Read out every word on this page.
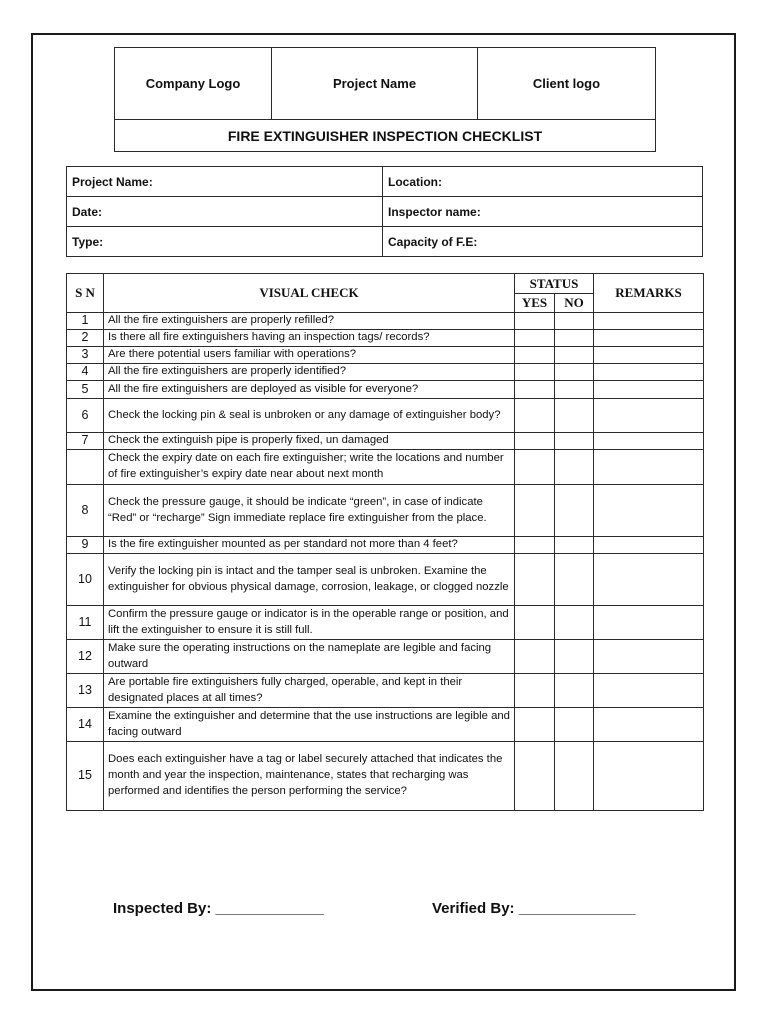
Company Logo	Project Name	Client logo
FIRE EXTINGUISHER INSPECTION CHECKLIST
Project Name:	Location:
Date:	Inspector name:
Type:	Capacity of F.E:
S N	VISUAL CHECK	STATUS		REMARKS
		YES	NO	
1	All the fire extinguishers are properly refilled?			
2	Is there all fire extinguishers having an inspection tags/ records?			
3	Are there potential users familiar with operations?			
4	All the fire extinguishers are properly identified?			
5	All the fire extinguishers are deployed as visible for everyone?			
6	Check the locking pin & seal is unbroken or any damage of extinguisher body?			
7	Check the extinguish pipe is properly fixed, un damaged			
	Check the expiry date on each fire extinguisher; write the locations and number of fire extinguisher’s expiry date near about next month			
8	Check the pressure gauge, it should be indicate “green”, in case of indicate “Red” or “recharge” Sign immediate replace fire extinguisher from the place.			
9	Is the fire extinguisher mounted as per standard not more than 4 feet?			
10	Verify the locking pin is intact and the tamper seal is unbroken. Examine the extinguisher for obvious physical damage, corrosion, leakage, or clogged nozzle			
11	Confirm the pressure gauge or indicator is in the operable range or position, and lift the extinguisher to ensure it is still full.			
12	Make sure the operating instructions on the nameplate are legible and facing outward			
13	Are portable fire extinguishers fully charged, operable, and kept in their designated places at all times?			
14	Examine the extinguisher and determine that the use instructions are legible and facing outward			
15	Does each extinguisher have a tag or label securely attached that indicates the month and year the inspection, maintenance, states that recharging was performed and identifies the person performing the service?			
Inspected By: _____________	Verified By: ______________
